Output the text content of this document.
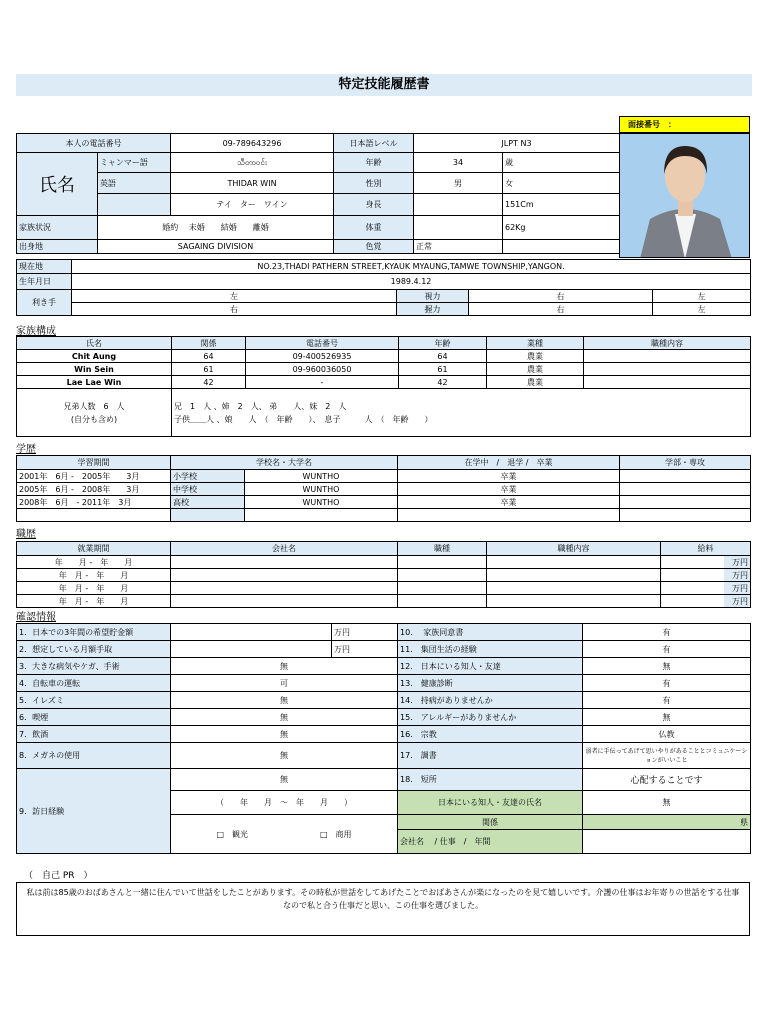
特定技能履歴書
面接番号　：
本人の電話番号		09-789643296	日本語レベル	JLPT N3	
氏名	ミャンマー語	သီတာဝင်း	年齢	34	歳
	英語	THIDAR WIN	性別	男	女
		テイ　ター　ワイン	身長		151Cm
家族状況	婚約　 未婚　　結婚　　離婚		体重		62Kg
出身地	SAGAING DIVISION		色覚	正常	
現在地	NO.23,THADI PATHERN STREET,KYAUK MYAUNG,TAMWE TOWNSHIP,YANGON.			
生年月日	1989.4.12			
利き手	左	視力	右	左
	右	握力	右	左
家族構成
氏名	関係	電話番号	年齢	業種	職種内容
Chit Aung	64	09-400526935	64	農業	
Win Sein	61	09-960036050	61	農業	
Lae Lae Win	42	-	42	農業	
兄弟人数　6　人
(自分も含め)	兄　1　人 、姉　2　人、 弟　　人、妹　2　人
子供＿＿人 、娘　　人　（　年齢　　）、　息子　　　人　（　年齢　　）				
学歴
学習期間	学校名・大学名		在学中　/　退学 /　卒業	学部・専攻
2001年　6月 -　2005年　　3月	小学校	WUNTHO	卒業	
2005年　6月 -　2008年　　3月	中学校	WUNTHO	卒業	
2008年　6月　- 2011年　3月	高校	WUNTHO	卒業	

職歴
就業期間	会社名	職種	職種内容	給料
年　　月 -　年　　月				万円
年　月 -　年　　月				万円
年　月 -　年　　月				万円
年　月 -　年　　月				万円
確認情報
1．日本での3年間の希望貯金額		万円	10.　 家族同意書	有
2．想定している月額手取		万円	11.　集団生活の経験	有
3．大きな病気やケガ、手術	無		12.　日本にいる知人・友達	無
4．自転車の運転	可		13.　健康診断	有
5．イレズミ	無		14.　持病がありませんか	有
6．喫煙	無		15.　アレルギーがありませんか	無
7．飲酒	無		16.　宗教	仏教
8．メガネの使用	無		17.　調書	弱者に手伝ってあげて思いやりがあることとコミュニケーションがいいこと
9．訪日経験	無		18.　短所	心配することです
	（　　年　　月　～　年　　月　　）		日本にいる知人・友達の氏名	無
	□　観光　　　　　　　　　□　商用		関係	県
			会社名　 / 仕事　/　年間	
（　自己 PR　）
私は前は85歳のおばあさんと一緒に住んでいて世話をしたことがあります。その時私が世話をしてあげたことでおばあさんが楽になったのを見て嬉しいです。介護の仕事はお年寄りの世話をする仕事なので私と合う仕事だと思い、この仕事を選びました。
